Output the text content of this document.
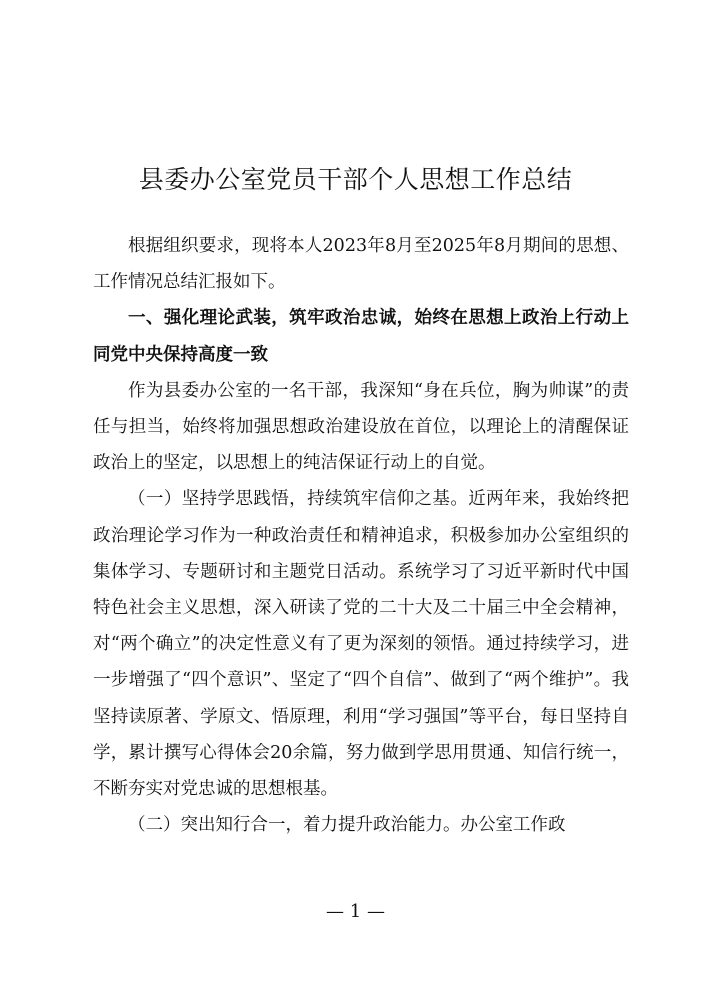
县委办公室党员干部个人思想工作总结

根据组织要求，现将本人2023年8月至2025年8月期间的思想、工作情况总结汇报如下。

一、强化理论武装，筑牢政治忠诚，始终在思想上政治上行动上同党中央保持高度一致

作为县委办公室的一名干部，我深知“身在兵位，胸为帅谋”的责任与担当，始终将加强思想政治建设放在首位，以理论上的清醒保证政治上的坚定，以思想上的纯洁保证行动上的自觉。

（一）坚持学思践悟，持续筑牢信仰之基。近两年来，我始终把政治理论学习作为一种政治责任和精神追求，积极参加办公室组织的集体学习、专题研讨和主题党日活动。系统学习了习近平新时代中国特色社会主义思想，深入研读了党的二十大及二十届三中全会精神，对“两个确立”的决定性意义有了更为深刻的领悟。通过持续学习，进一步增强了“四个意识”、坚定了“四个自信”、做到了“两个维护”。我坚持读原著、学原文、悟原理，利用“学习强国”等平台，每日坚持自学，累计撰写心得体会20余篇，努力做到学思用贯通、知信行统一，不断夯实对党忠诚的思想根基。

（二）突出知行合一，着力提升政治能力。办公室工作政

— 1 —
